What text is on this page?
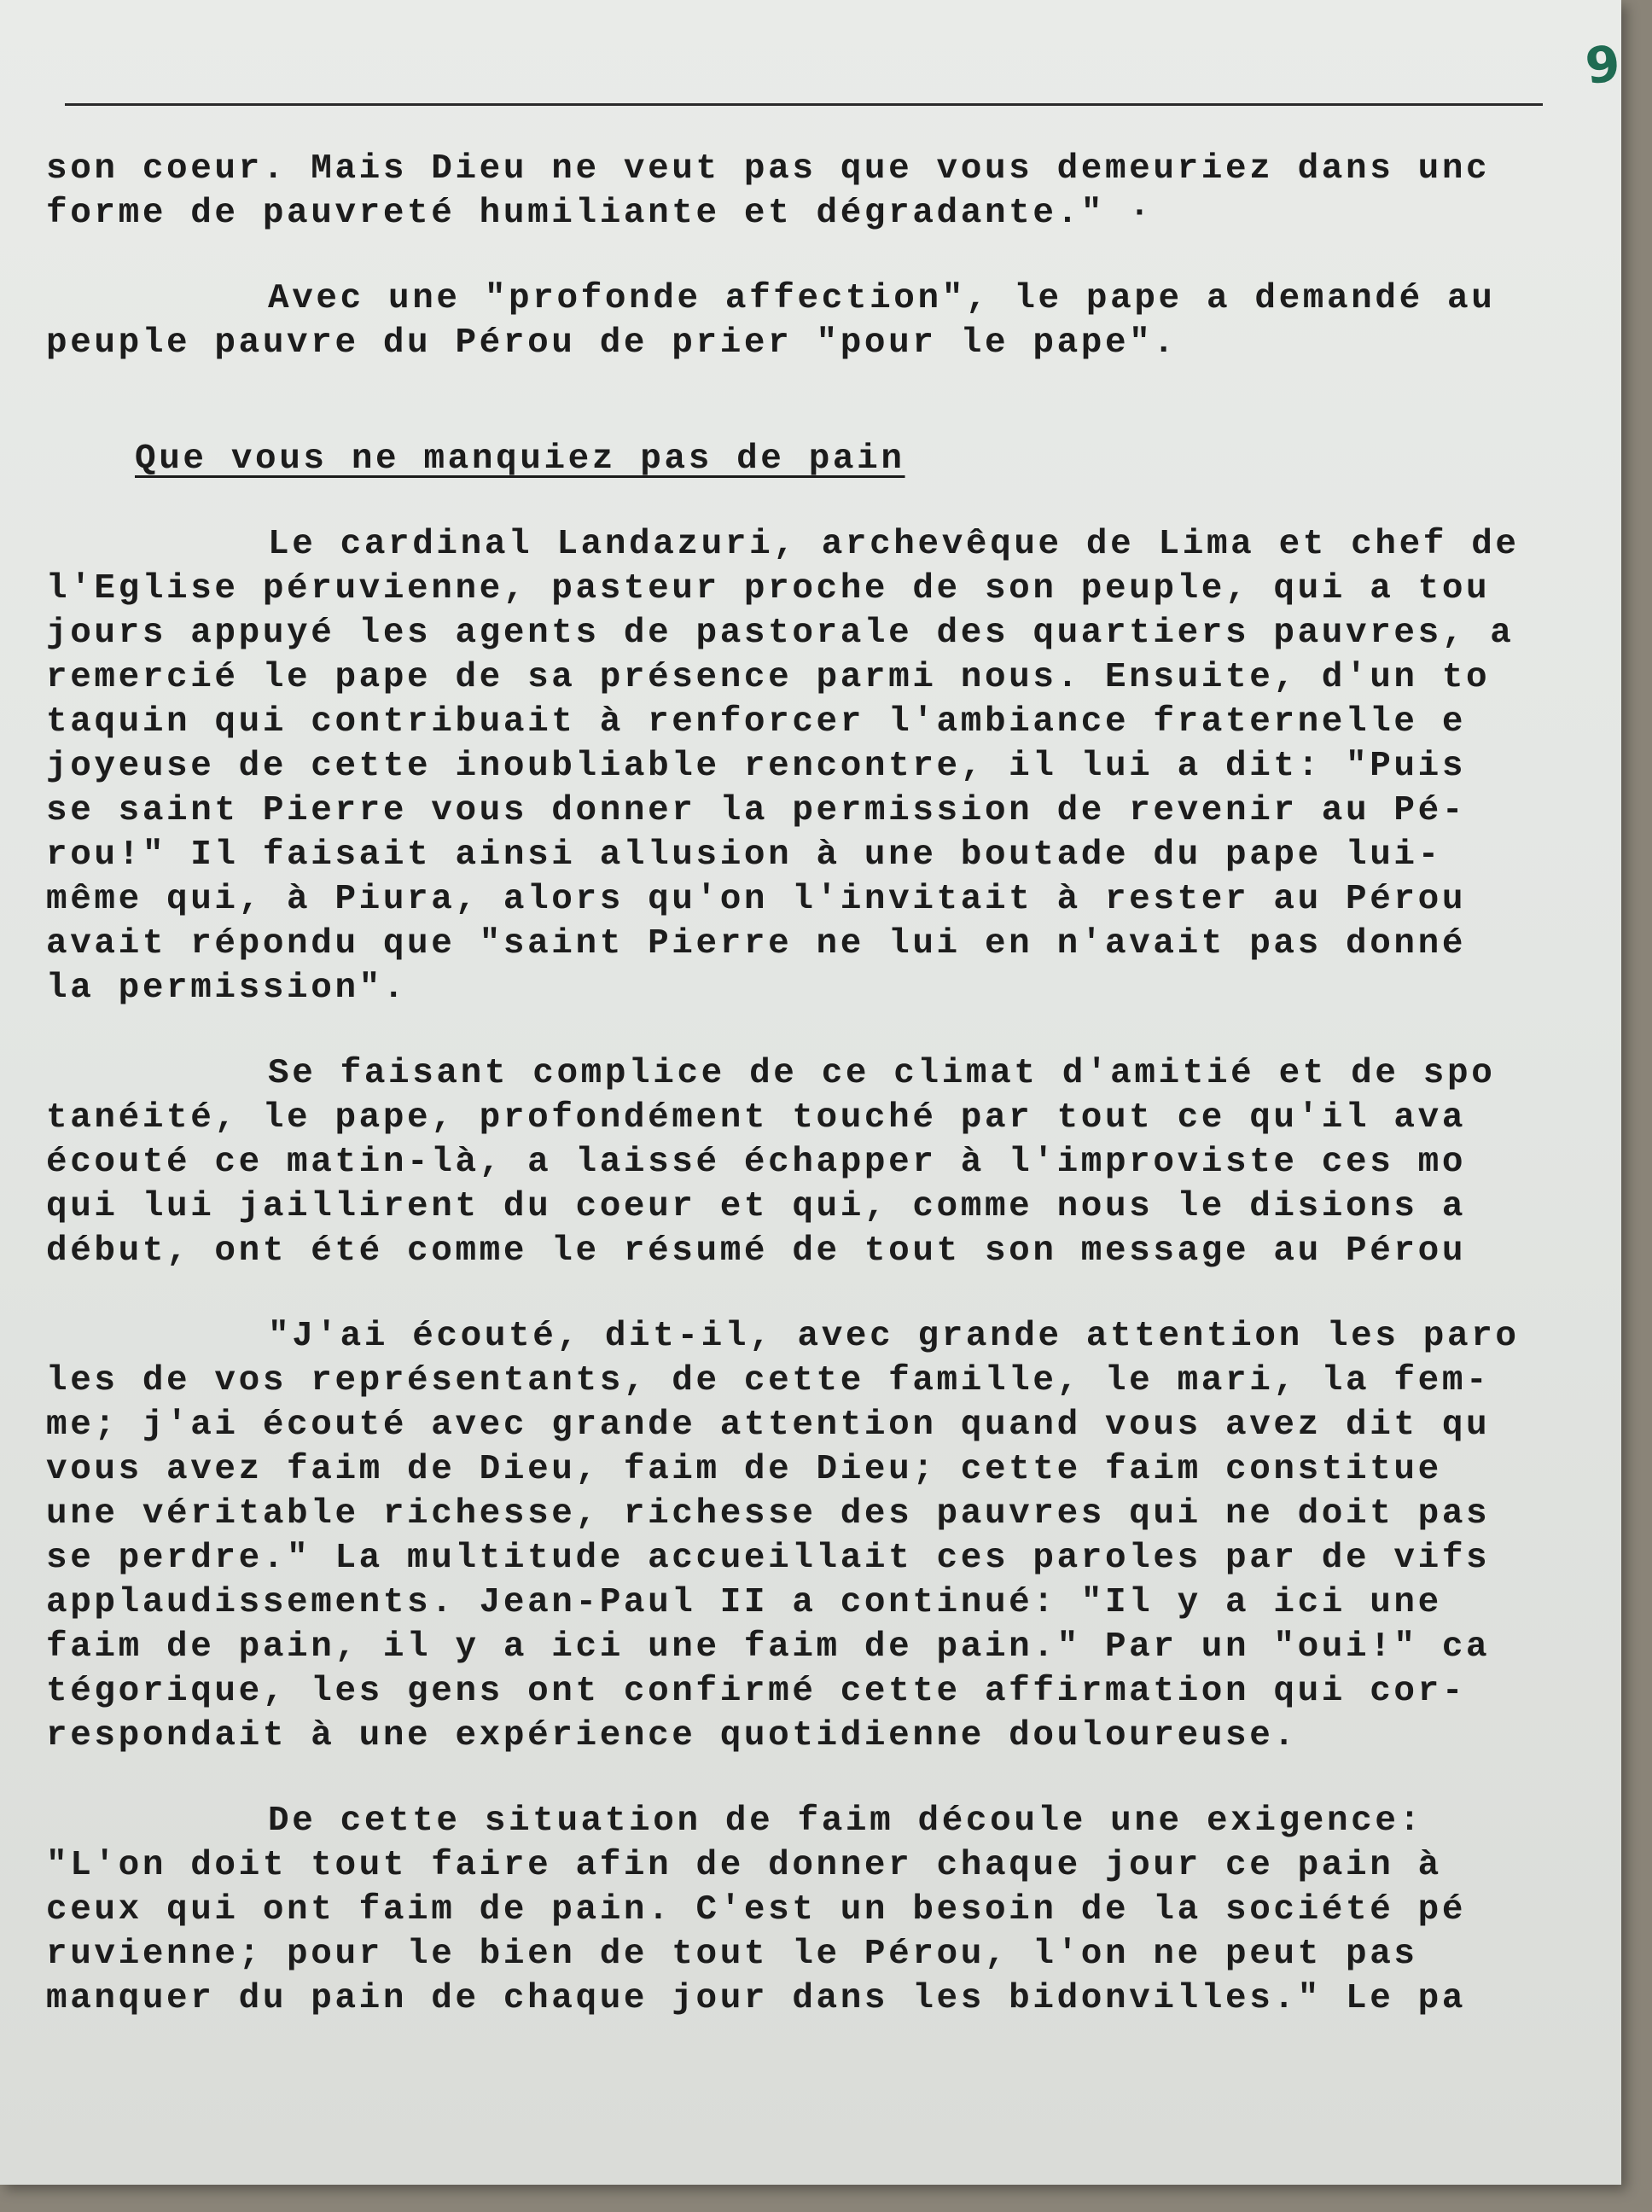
9
son coeur. Mais Dieu ne veut pas que vous demeuriez dans unc
forme de pauvreté humiliante et dégradante." ·
Avec une "profonde affection", le pape a demandé au
peuple pauvre du Pérou de prier "pour le pape".
Que vous ne manquiez pas de pain
Le cardinal Landazuri, archevêque de Lima et chef de
l'Eglise péruvienne, pasteur proche de son peuple, qui a tou
jours appuyé les agents de pastorale des quartiers pauvres, a
remercié le pape de sa présence parmi nous. Ensuite, d'un to
taquin qui contribuait à renforcer l'ambiance fraternelle e
joyeuse de cette inoubliable rencontre, il lui a dit: "Puis
se saint Pierre vous donner la permission de revenir au Pé-
rou!" Il faisait ainsi allusion à une boutade du pape lui-
même qui, à Piura, alors qu'on l'invitait à rester au Pérou
avait répondu que "saint Pierre ne lui en n'avait pas donné
la permission".
Se faisant complice de ce climat d'amitié et de spo
tanéité, le pape, profondément touché par tout ce qu'il ava
écouté ce matin-là, a laissé échapper à l'improviste ces mo
qui lui jaillirent du coeur et qui, comme nous le disions a
début, ont été comme le résumé de tout son message au Pérou
"J'ai écouté, dit-il, avec grande attention les paro
les de vos représentants, de cette famille, le mari, la fem-
me; j'ai écouté avec grande attention quand vous avez dit qu
vous avez faim de Dieu, faim de Dieu; cette faim constitue
une véritable richesse, richesse des pauvres qui ne doit pas
se perdre." La multitude accueillait ces paroles par de vifs
applaudissements. Jean-Paul II a continué: "Il y a ici une
faim de pain, il y a ici une faim de pain." Par un "oui!" ca
tégorique, les gens ont confirmé cette affirmation qui cor-
respondait à une expérience quotidienne douloureuse.
De cette situation de faim découle une exigence:
"L'on doit tout faire afin de donner chaque jour ce pain à
ceux qui ont faim de pain. C'est un besoin de la société pé
ruvienne; pour le bien de tout le Pérou, l'on ne peut pas
manquer du pain de chaque jour dans les bidonvilles." Le pa
